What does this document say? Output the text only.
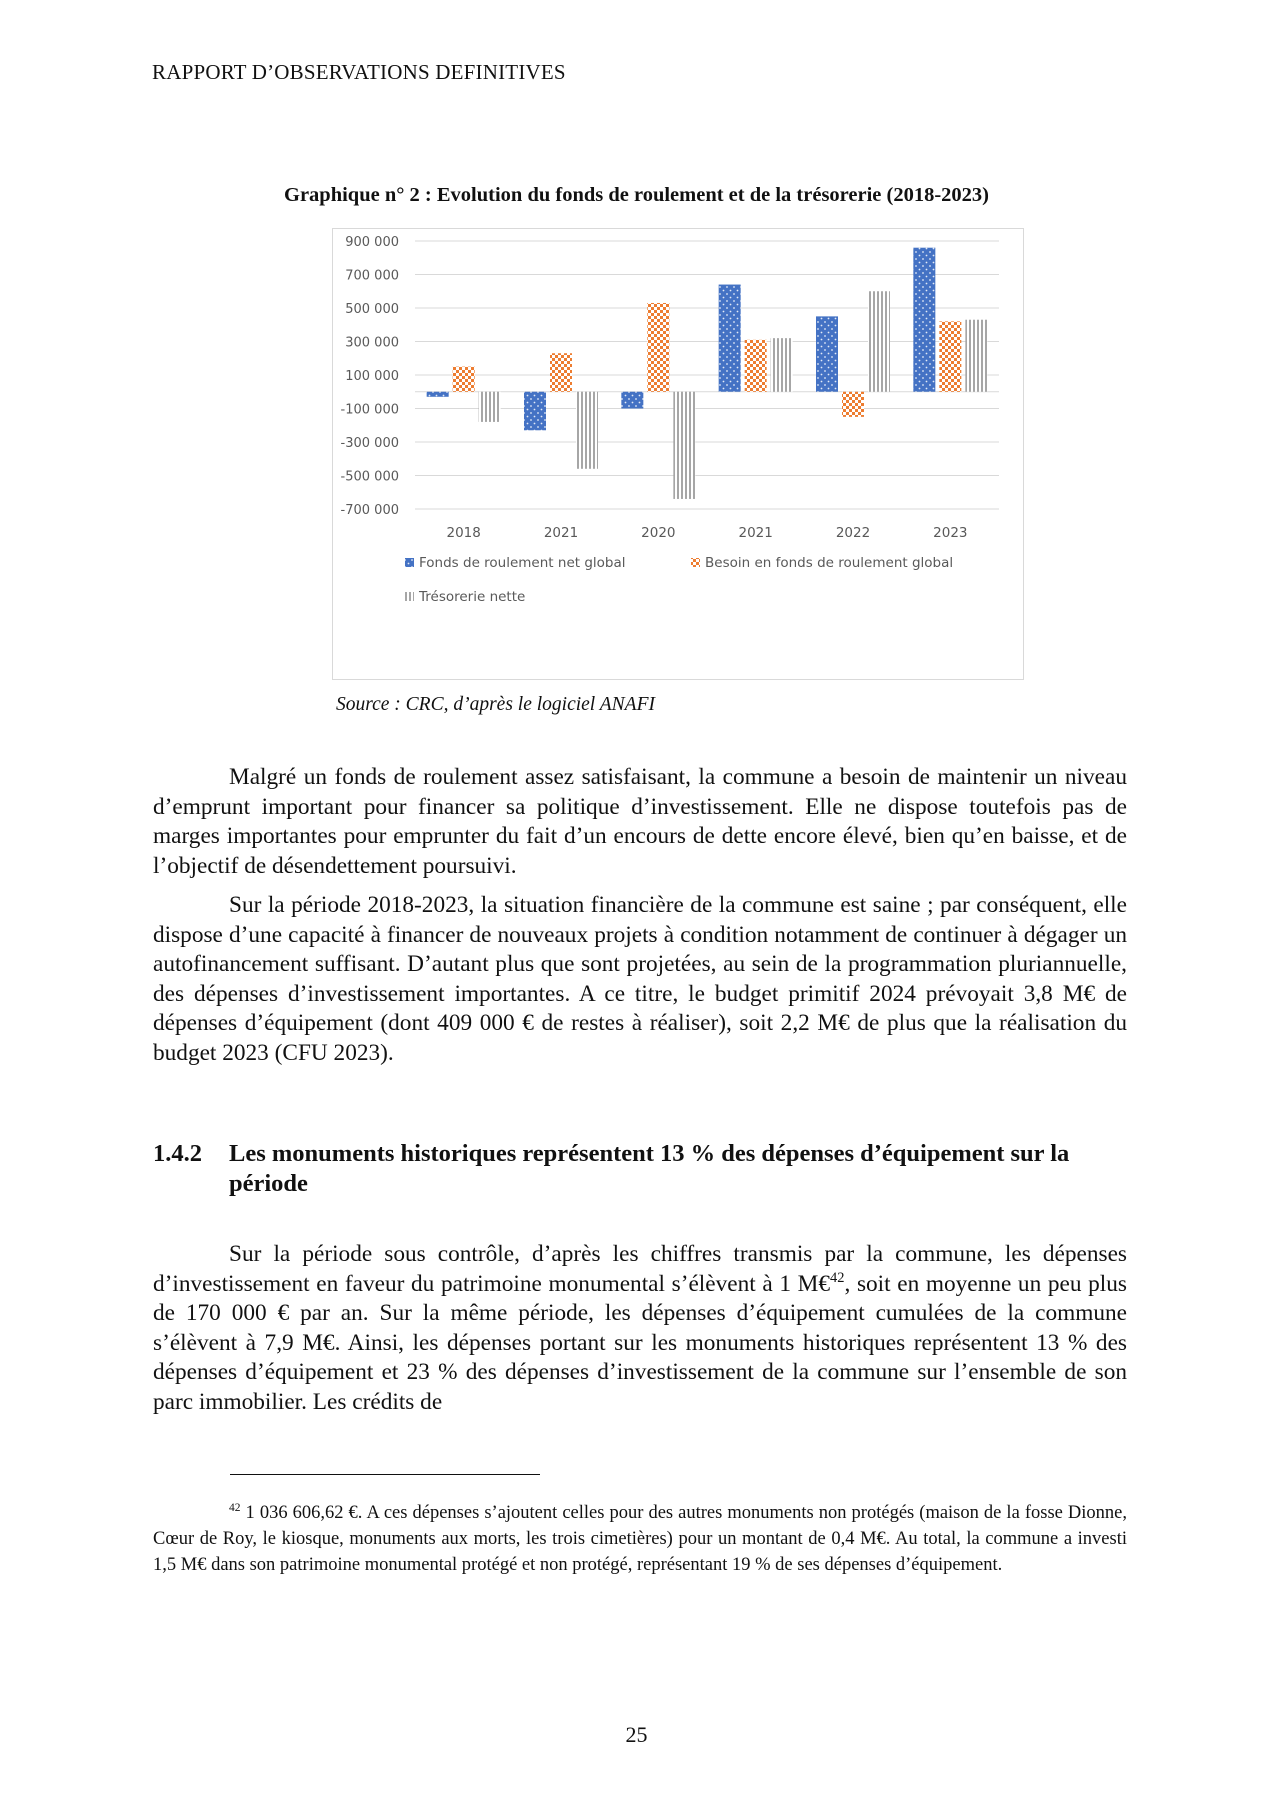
RAPPORT D’OBSERVATIONS DEFINITIVES
Graphique n° 2 : Evolution du fonds de roulement et de la trésorerie (2018-2023)
900 000
700 000
500 000
300 000
100 000
-100 000
-300 000
-500 000
-700 000
2018	2021	2020	2021	2022	2023
Fonds de roulement net global	Besoin en fonds de roulement global
Trésorerie nette
Source : CRC, d’après le logiciel ANAFI

Malgré un fonds de roulement assez satisfaisant, la commune a besoin de maintenir un niveau d’emprunt important pour financer sa politique d’investissement. Elle ne dispose toutefois pas de marges importantes pour emprunter du fait d’un encours de dette encore élevé, bien qu’en baisse, et de l’objectif de désendettement poursuivi.

Sur la période 2018-2023, la situation financière de la commune est saine ; par conséquent, elle dispose d’une capacité à financer de nouveaux projets à condition notamment de continuer à dégager un autofinancement suffisant. D’autant plus que sont projetées, au sein de la programmation pluriannuelle, des dépenses d’investissement importantes. A ce titre, le budget primitif 2024 prévoyait 3,8 M€ de dépenses d’équipement (dont 409 000 € de restes à réaliser), soit 2,2 M€ de plus que la réalisation du budget 2023 (CFU 2023).

1.4.2 Les monuments historiques représentent 13 % des dépenses d’équipement sur la période

Sur la période sous contrôle, d’après les chiffres transmis par la commune, les dépenses d’investissement en faveur du patrimoine monumental s’élèvent à 1 M€$^{42}$, soit en moyenne un peu plus de 170 000 € par an. Sur la même période, les dépenses d’équipement cumulées de la commune s’élèvent à 7,9 M€. Ainsi, les dépenses portant sur les monuments historiques représentent 13 % des dépenses d’équipement et 23 % des dépenses d’investissement de la commune sur l’ensemble de son parc immobilier. Les crédits de

$^{42}$ 1 036 606,62 €. A ces dépenses s’ajoutent celles pour des autres monuments non protégés (maison de la fosse Dionne, Cœur de Roy, le kiosque, monuments aux morts, les trois cimetières) pour un montant de 0,4 M€. Au total, la commune a investi 1,5 M€ dans son patrimoine monumental protégé et non protégé, représentant 19 % de ses dépenses d’équipement.
25
